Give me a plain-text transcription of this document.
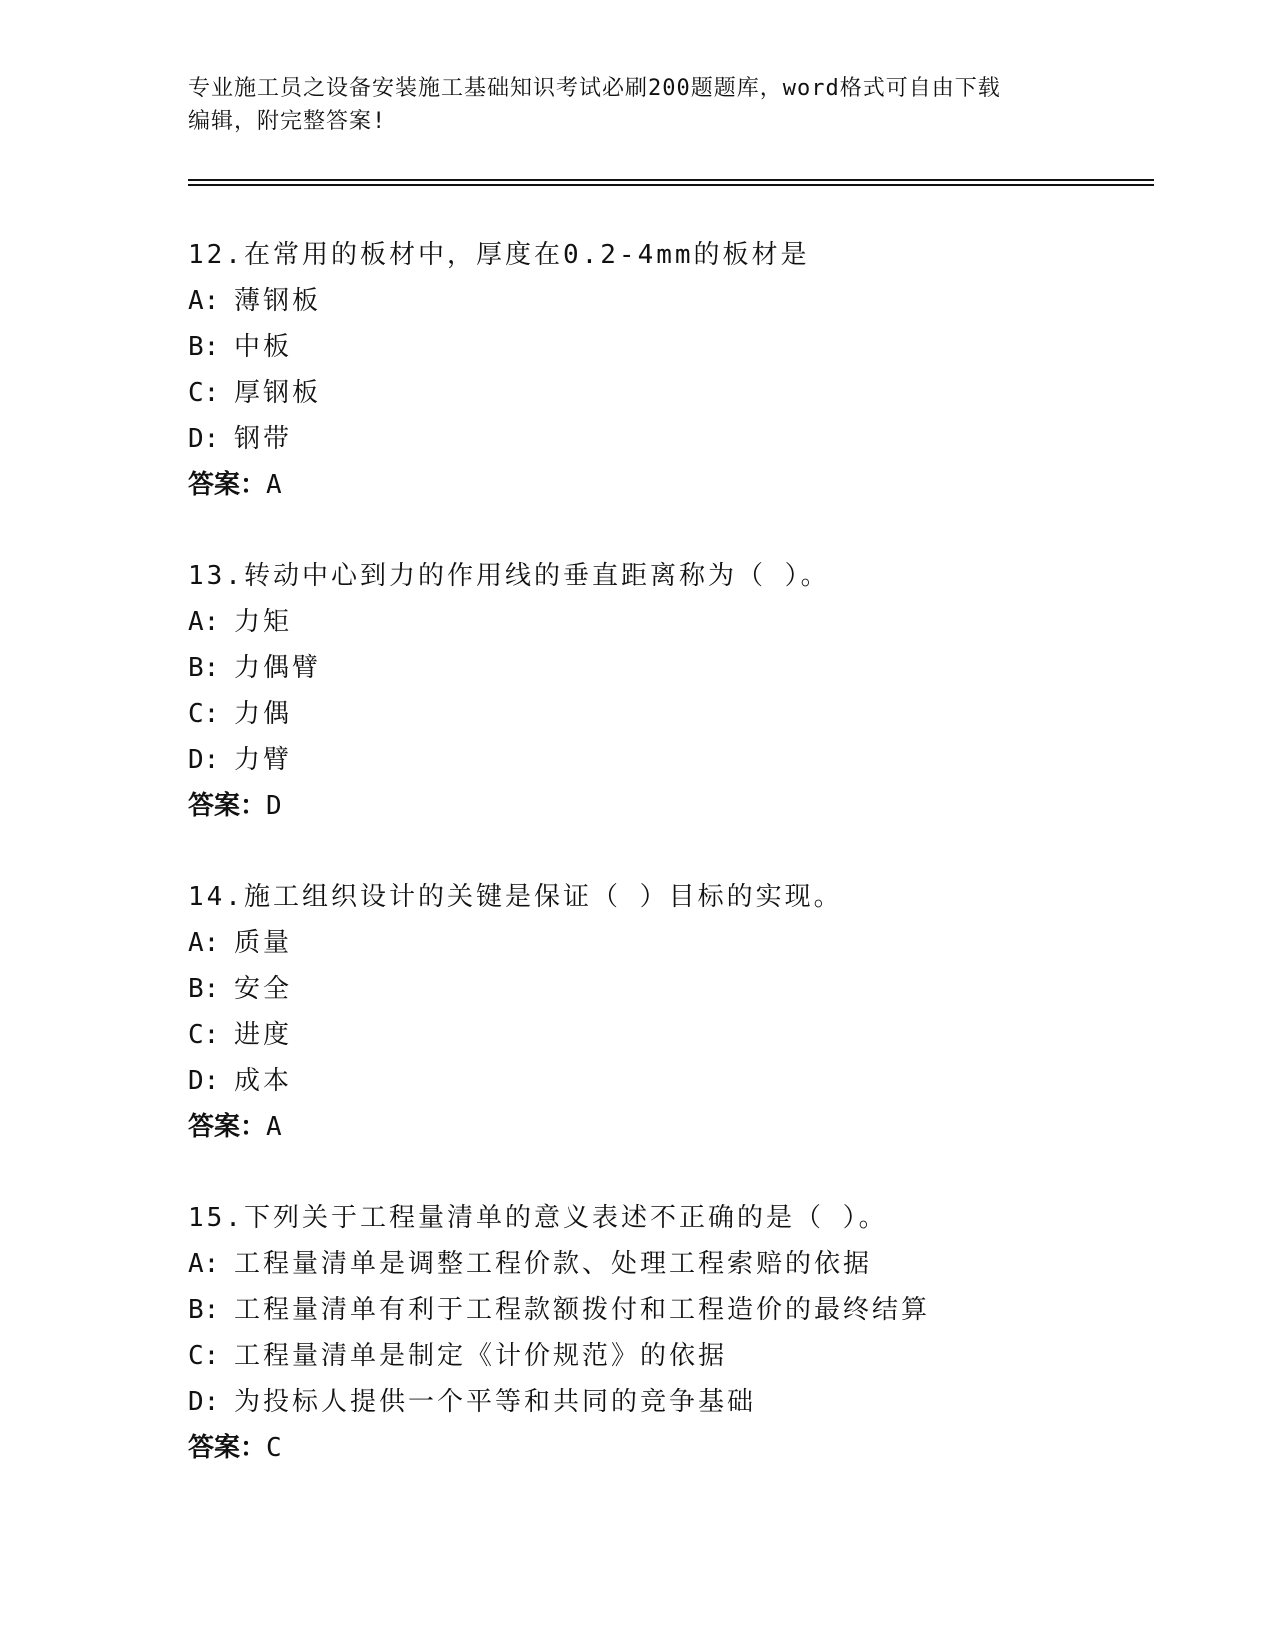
专业施工员之设备安装施工基础知识考试必刷200题题库，word格式可自由下载
编辑，附完整答案!
12.在常用的板材中，厚度在0.2-4mm的板材是
A: 薄钢板
B: 中板
C: 厚钢板
D: 钢带
答案：A
13.转动中心到力的作用线的垂直距离称为（ ）。
A: 力矩
B: 力偶臂
C: 力偶
D: 力臂
答案：D
14.施工组织设计的关键是保证（ ）目标的实现。
A: 质量
B: 安全
C: 进度
D: 成本
答案：A
15.下列关于工程量清单的意义表述不正确的是（ ）。
A: 工程量清单是调整工程价款、处理工程索赔的依据
B: 工程量清单有利于工程款额拨付和工程造价的最终结算
C: 工程量清单是制定《计价规范》的依据
D: 为投标人提供一个平等和共同的竞争基础
答案：C
